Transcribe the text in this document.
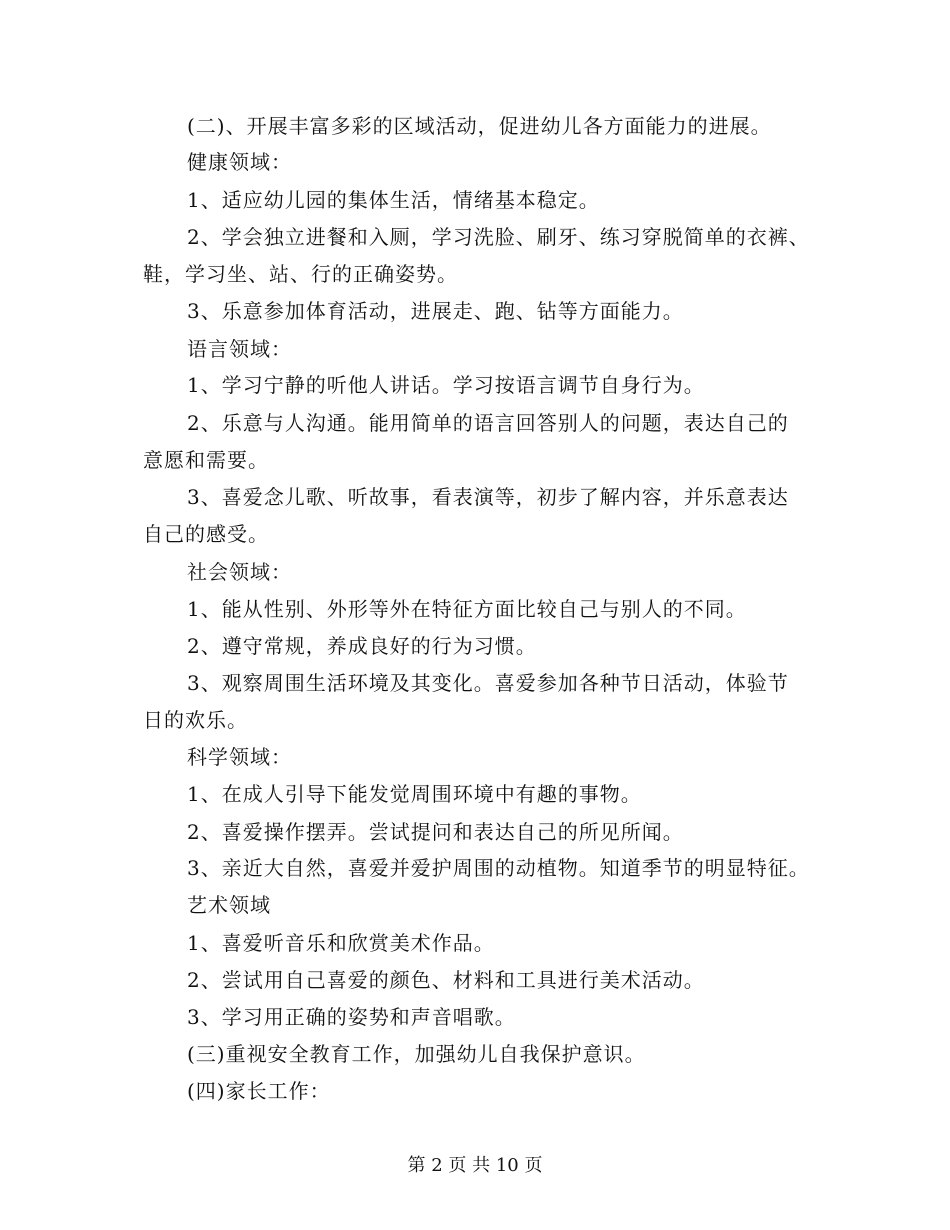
(二)、开展丰富多彩的区域活动，促进幼儿各方面能力的进展。
健康领域：
1、适应幼儿园的集体生活，情绪基本稳定。
2、学会独立进餐和入厕，学习洗脸、刷牙、练习穿脱简单的衣裤、
鞋，学习坐、站、行的正确姿势。
3、乐意参加体育活动，进展走、跑、钻等方面能力。
语言领域：
1、学习宁静的听他人讲话。学习按语言调节自身行为。
2、乐意与人沟通。能用简单的语言回答别人的问题，表达自己的
意愿和需要。
3、喜爱念儿歌、听故事，看表演等，初步了解内容，并乐意表达
自己的感受。
社会领域：
1、能从性别、外形等外在特征方面比较自己与别人的不同。
2、遵守常规，养成良好的行为习惯。
3、观察周围生活环境及其变化。喜爱参加各种节日活动，体验节
日的欢乐。
科学领域：
1、在成人引导下能发觉周围环境中有趣的事物。
2、喜爱操作摆弄。尝试提问和表达自己的所见所闻。
3、亲近大自然，喜爱并爱护周围的动植物。知道季节的明显特征。
艺术领域
1、喜爱听音乐和欣赏美术作品。
2、尝试用自己喜爱的颜色、材料和工具进行美术活动。
3、学习用正确的姿势和声音唱歌。
(三)重视安全教育工作，加强幼儿自我保护意识。
(四)家长工作：
第 2 页 共 10 页
